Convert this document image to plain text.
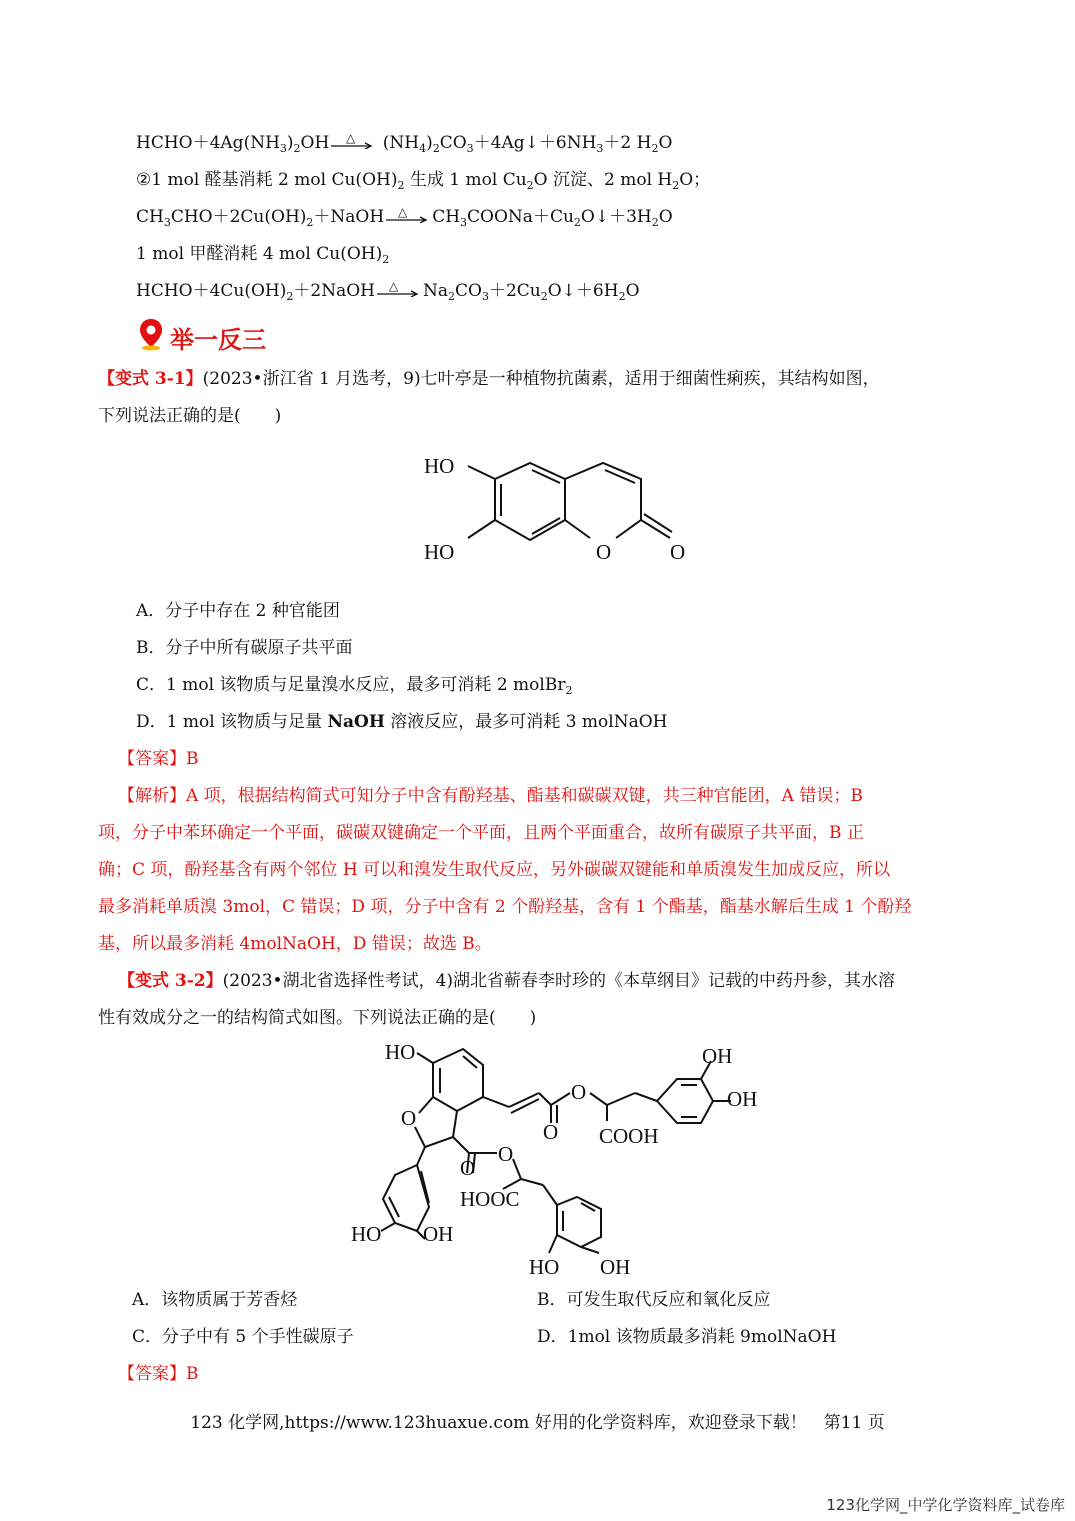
$HCHO+4Ag(NH_3)_2OH$ △ $(NH_4)_2CO_3+4Ag↓+6NH_3+2$ $H_2O$
②1 mol 醛基消耗 2 mol $Cu(OH)_2$ 生成 1 mol $Cu_2O$ 沉淀、2 mol $H_2O$；
$CH_3CHO+2Cu(OH)_2+NaOH$ △ $CH_3COONa+Cu_2O↓+3H_2O$
1 mol 甲醛消耗 4 mol $Cu(OH)_2$
$HCHO+4Cu(OH)_2+2NaOH$ △ $Na_2CO_3+2Cu_2O↓+6H_2O$
举一反三
【变式 3-1】(2023•浙江省 1 月选考，9)七叶亭是一种植物抗菌素，适用于细菌性痢疾，其结构如图，
下列说法正确的是(　　)
HO
HO	O	O
A．分子中存在 2 种官能团
B．分子中所有碳原子共平面
C．1 mol 该物质与足量溴水反应，最多可消耗 2 molBr$_2$
D．1 mol 该物质与足量 NaOH 溶液反应，最多可消耗 3 molNaOH
【答案】B
【解析】A 项，根据结构简式可知分子中含有酚羟基、酯基和碳碳双键，共三种官能团，A 错误；B
项，分子中苯环确定一个平面，碳碳双键确定一个平面，且两个平面重合，故所有碳原子共平面，B 正
确；C 项，酚羟基含有两个邻位 H 可以和溴发生取代反应，另外碳碳双键能和单质溴发生加成反应，所以
最多消耗单质溴 3mol，C 错误；D 项，分子中含有 2 个酚羟基，含有 1 个酯基，酯基水解后生成 1 个酚羟
基，所以最多消耗 4molNaOH，D 错误；故选 B。
【变式 3-2】(2023•湖北省选择性考试，4)湖北省蕲春李时珍的《本草纲目》记载的中药丹参，其水溶
性有效成分之一的结构简式如图。下列说法正确的是(　　)
HO	OH
OH
O
O
O COOH
O
O
HOOC
HO OH
HO OH
A．该物质属于芳香烃	B．可发生取代反应和氧化反应
C．分子中有 5 个手性碳原子	D．1mol 该物质最多消耗 9molNaOH
【答案】B
123 化学网,https://www.123huaxue.com 好用的化学资料库，欢迎登录下载！　第11 页
123化学网_中学化学资料库_试卷库
